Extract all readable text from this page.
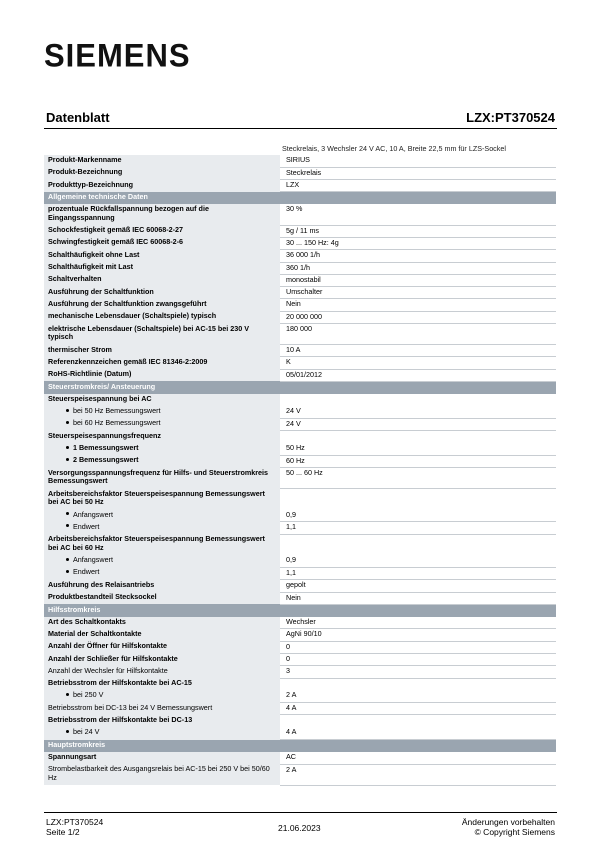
SIEMENS
Datenblatt	LZX:PT370524
Steckrelais, 3 Wechsler 24 V AC, 10 A, Breite 22,5 mm für LZS-Sockel
Produkt-Markenname	SIRIUS
Produkt-Bezeichnung	Steckrelais
Produkttyp-Bezeichnung	LZX
Allgemeine technische Daten	
prozentuale Rückfallspannung bezogen auf die Eingangsspannung	30 %
Schockfestigkeit gemäß IEC 60068-2-27	5g / 11 ms
Schwingfestigkeit gemäß IEC 60068-2-6	30 ... 150 Hz: 4g
Schalthäufigkeit ohne Last	36 000 1/h
Schalthäufigkeit mit Last	360 1/h
Schaltverhalten	monostabil
Ausführung der Schaltfunktion	Umschalter
Ausführung der Schaltfunktion zwangsgeführt	Nein
mechanische Lebensdauer (Schaltspiele) typisch	20 000 000
elektrische Lebensdauer (Schaltspiele) bei AC-15 bei 230 V typisch	180 000
thermischer Strom	10 A
Referenzkennzeichen gemäß IEC 81346-2:2009	K
RoHS-Richtlinie (Datum)	05/01/2012
Steuerstromkreis/ Ansteuerung	
Steuerspeisespannung bei AC	
bei 50 Hz Bemessungswert	24 V
bei 60 Hz Bemessungswert	24 V
Steuerspeisespannungsfrequenz	
1 Bemessungswert	50 Hz
2 Bemessungswert	60 Hz
Versorgungsspannungsfrequenz für Hilfs- und Steuerstromkreis Bemessungswert	50 ... 60 Hz
Arbeitsbereichsfaktor Steuerspeisespannung Bemessungswert bei AC bei 50 Hz	
Anfangswert	0,9
Endwert	1,1
Arbeitsbereichsfaktor Steuerspeisespannung Bemessungswert bei AC bei 60 Hz	
Anfangswert	0,9
Endwert	1,1
Ausführung des Relaisantriebs	gepolt
Produktbestandteil Stecksockel	Nein
Hilfsstromkreis	
Art des Schaltkontakts	Wechsler
Material der Schaltkontakte	AgNi 90/10
Anzahl der Öffner für Hilfskontakte	0
Anzahl der Schließer für Hilfskontakte	0
Anzahl der Wechsler für Hilfskontakte	3
Betriebsstrom der Hilfskontakte bei AC-15	
bei 250 V	2 A
Betriebsstrom bei DC-13 bei 24 V Bemessungswert	4 A
Betriebsstrom der Hilfskontakte bei DC-13	
bei 24 V	4 A
Hauptstromkreis	
Spannungsart	AC
Strombelastbarkeit des Ausgangsrelais bei AC-15 bei 250 V bei 50/60 Hz	2 A
LZX:PT370524
Seite 1/2	21.06.2023
Änderungen vorbehalten
© Copyright Siemens
